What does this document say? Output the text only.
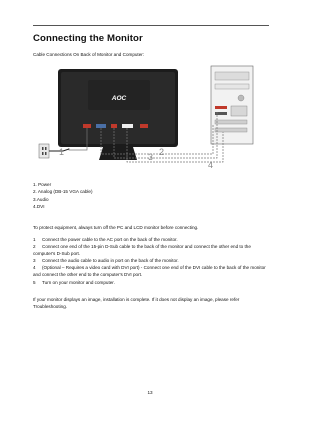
Connecting the Monitor
Cable Connections On Back of Monitor and Computer:
AOC
1	2
3
4
1. Power
2. Analog (DB-15 VGA cable)
3.Audio
4.DVI
To protect equipment, always turn off the PC and LCD monitor before connecting.
1 Connect the power cable to the AC port on the back of the monitor.
2 Connect one end of the 15-pin D-Sub cable to the back of the monitor and connect the other end to the
computer's D-Sub port.
3 Connect the audio cable to audio in port on the back of the monitor.
4 (Optional – Requires a video card with DVI port) - Connect one end of the DVI cable to the back of the monitor
and connect the other end to the computer's DVI port.
5 Turn on your monitor and computer.
If your monitor displays an image, installation is complete. If it does not display an image, please refer
Troubleshooting.
13
